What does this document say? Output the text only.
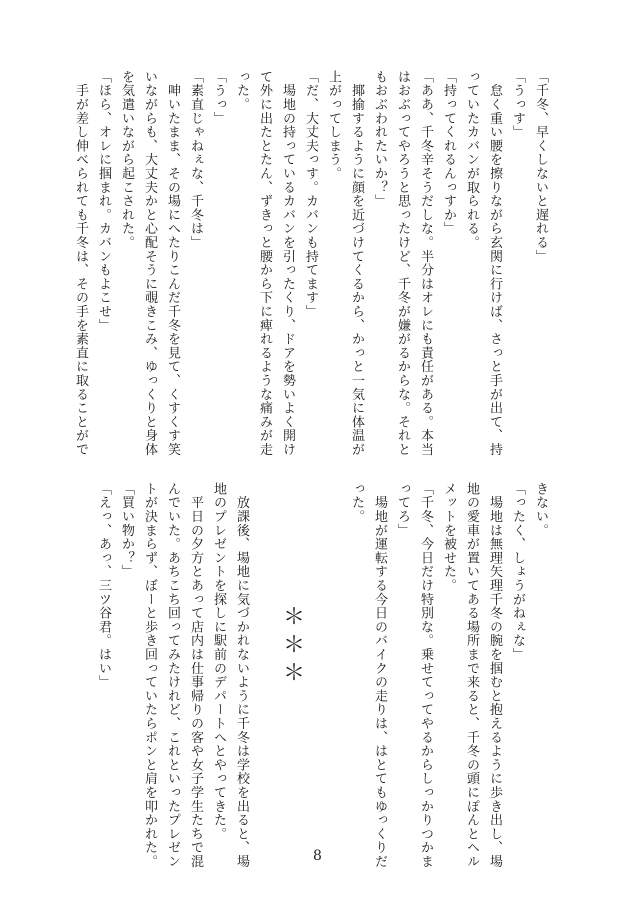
「千冬、早くしないと遅れる」
「うっす」
　怠く重い腰を擦りながら玄関に行けば、さっと手が出て、持
っていたカバンが取られる。
「持ってくれるんっすか」
「ああ、千冬辛そうだしな。半分はオレにも責任がある。本当
はおぶってやろうと思ったけど、千冬が嫌がるからな。それと
もおぶわれたいか？」
　揶揄するように顔を近づけてくるから、かっと一気に体温が
上がってしまう。
「だ、大丈夫っす。カバンも持てます」
　場地の持っているカバンを引ったくり、ドアを勢いよく開け
て外に出たとたん、ずきっと腰から下に痺れるような痛みが走
った。
「うっ」
「素直じゃねぇな、千冬は」
　呻いたまま、その場にへたりこんだ千冬を見て、くすくす笑
いながらも、大丈夫かと心配そうに覗きこみ、ゆっくりと身体
を気遣いながら起こされた。
「ほら、オレに掴まれ。カバンもよこせ」
　手が差し伸べられても千冬は、その手を素直に取ることがで
きない。
「ったく、しょうがねぇな」
　場地は無理矢理千冬の腕を掴むと抱えるように歩き出し、場
地の愛車が置いてある場所まで来ると、千冬の頭にぽんとヘル
メットを被せた。
「千冬、今日だけ特別な。乗せてってやるからしっかりつかま
ってろ」
　場地が運転する今日のバイクの走りは、はとてもゆっくりだ
った。
　放課後、場地に気づかれないように千冬は学校を出ると、場
地のプレゼントを探しに駅前のデパートへとやってきた。
　平日の夕方とあって店内は仕事帰りの客や女子学生たちで混
んでいた。あちこち回ってみたけれど、これといったプレゼン
トが決まらず、ぼーと歩き回っていたらポンと肩を叩かれた。
「買い物か？」
「えっ、あっ、三ツ谷君。はい」	＊
＊
＊
8
